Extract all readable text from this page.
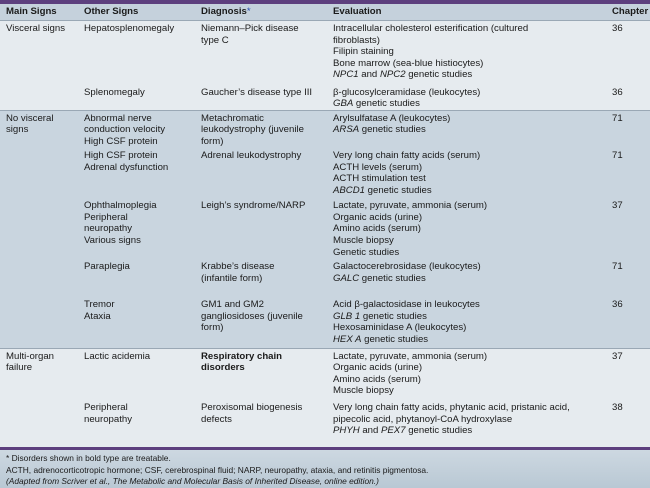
Main Signs	Other Signs	Diagnosis*	Evaluation	Chapter

Visceral signs	Hepatosplenomegaly	Niemann–Pick disease
type C	Intracellular cholesterol esterification (cultured
fibroblasts)
Filipin staining
Bone marrow (sea-blue histiocytes)
NPC1 and NPC2 genetic studies	36

	Splenomegaly	Gaucher’s disease type III	β-glucosylceramidase (leukocytes)
GBA genetic studies	36

No visceral signs	Abnormal nerve
conduction velocity
High CSF protein	Metachromatic
leukodystrophy (juvenile
form)	Arylsulfatase A (leukocytes)
ARSA genetic studies	71

	High CSF protein
Adrenal dysfunction	Adrenal leukodystrophy	Very long chain fatty acids (serum)
ACTH levels (serum)
ACTH stimulation test
ABCD1 genetic studies	71

	Ophthalmoplegia
Peripheral
neuropathy
Various signs	Leigh’s syndrome/NARP	Lactate, pyruvate, ammonia (serum)
Organic acids (urine)
Amino acids (serum)
Muscle biopsy
Genetic studies	37

	Paraplegia	Krabbe’s disease
(infantile form)	Galactocerebrosidase (leukocytes)
GALC genetic studies	71

	Tremor
Ataxia	GM1 and GM2
gangliosidoses (juvenile
form)	Acid β-galactosidase in leukocytes
GLB 1 genetic studies
Hexosaminidase A (leukocytes)
HEX A genetic studies	36

Multi-organ failure	Lactic acidemia	Respiratory chain
disorders	Lactate, pyruvate, ammonia (serum)
Organic acids (urine)
Amino acids (serum)
Muscle biopsy	37

	Peripheral
neuropathy	Peroxisomal biogenesis
defects	Very long chain fatty acids, phytanic acid, pristanic acid,
pipecolic acid, phytanoyl-CoA hydroxylase
PHYH and PEX7 genetic studies	38
* Disorders shown in bold type are treatable.
ACTH, adrenocorticotropic hormone; CSF, cerebrospinal fluid; NARP, neuropathy, ataxia, and retinitis pigmentosa.
(Adapted from Scriver et al., The Metabolic and Molecular Basis of Inherited Disease, online edition.)
